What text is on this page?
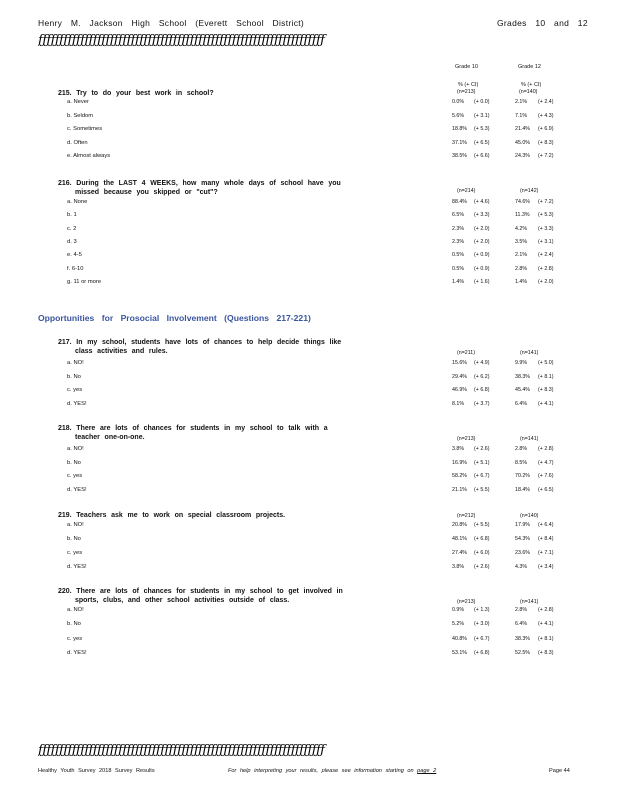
Henry M. Jackson High School (Everett School District)	Grades 10 and 12
ƒƒƒƒƒƒƒƒƒƒƒƒƒƒƒƒƒƒƒƒƒƒƒƒƒƒƒƒƒƒƒƒƒƒƒƒƒƒƒƒƒƒƒƒƒƒƒƒƒƒƒƒƒƒƒƒƒƒƒƒƒƒƒƒƒƒƒƒ
Grade 10	Grade 12
% (+ CI)	% (+ CI)
215. Try to do your best work in school?	(n=213)	(n=140)
a. Never	0.0% (+ 0.0)	2.1% (+ 2.4)
b. Seldom	5.6% (+ 3.1)	7.1% (+ 4.3)
c. Sometimes	18.8% (+ 5.3)	21.4% (+ 6.9)
d. Often	37.1% (+ 6.5)	45.0% (+ 8.3)
e. Almost always	38.5% (+ 6.6)	24.3% (+ 7.2)
216. During the LAST 4 WEEKS, how many whole days of school have you
missed because you skipped or "cut"?	(n=214)	(n=142)
a. None	88.4% (+ 4.6)	74.6% (+ 7.2)
b. 1	6.5% (+ 3.3)	11.3% (+ 5.3)
c. 2	2.3% (+ 2.0)	4.2% (+ 3.3)
d. 3	2.3% (+ 2.0)	3.5% (+ 3.1)
e. 4-5	0.5% (+ 0.9)	2.1% (+ 2.4)
f. 6-10	0.5% (+ 0.9)	2.8% (+ 2.8)
g. 11 or more	1.4% (+ 1.6)	1.4% (+ 2.0)
Opportunities for Prosocial Involvement (Questions 217-221)
217. In my school, students have lots of chances to help decide things like
class activities and rules.	(n=211)	(n=141)
a. NO!	15.6% (+ 4.9)	9.9% (+ 5.0)
b. No	29.4% (+ 6.2)	38.3% (+ 8.1)
c. yes	46.9% (+ 6.8)	45.4% (+ 8.3)
d. YES!	8.1% (+ 3.7)	6.4% (+ 4.1)
218. There are lots of chances for students in my school to talk with a
teacher one-on-one.	(n=213)	(n=141)
a. NO!	3.8% (+ 2.6)	2.8% (+ 2.8)
b. No	16.9% (+ 5.1)	8.5% (+ 4.7)
c. yes	58.2% (+ 6.7)	70.2% (+ 7.6)
d. YES!	21.1% (+ 5.5)	18.4% (+ 6.5)
219. Teachers ask me to work on special classroom projects.	(n=212)	(n=140)
a. NO!	20.8% (+ 5.5)	17.9% (+ 6.4)
b. No	48.1% (+ 6.8)	54.3% (+ 8.4)
c. yes	27.4% (+ 6.0)	23.6% (+ 7.1)
d. YES!	3.8% (+ 2.6)	4.3% (+ 3.4)
220. There are lots of chances for students in my school to get involved in
sports, clubs, and other school activities outside of class.	(n=213)	(n=141)
a. NO!	0.9% (+ 1.3)	2.8% (+ 2.8)
b. No	5.2% (+ 3.0)	6.4% (+ 4.1)
c. yes	40.8% (+ 6.7)	38.3% (+ 8.1)
d. YES!	53.1% (+ 6.8)	52.5% (+ 8.3)
ƒƒƒƒƒƒƒƒƒƒƒƒƒƒƒƒƒƒƒƒƒƒƒƒƒƒƒƒƒƒƒƒƒƒƒƒƒƒƒƒƒƒƒƒƒƒƒƒƒƒƒƒƒƒƒƒƒƒƒƒƒƒƒƒƒƒƒƒ
Healthy Youth Survey 2018 Survey Results	For help interpreting your results, please see information starting on page 2	Page 44
